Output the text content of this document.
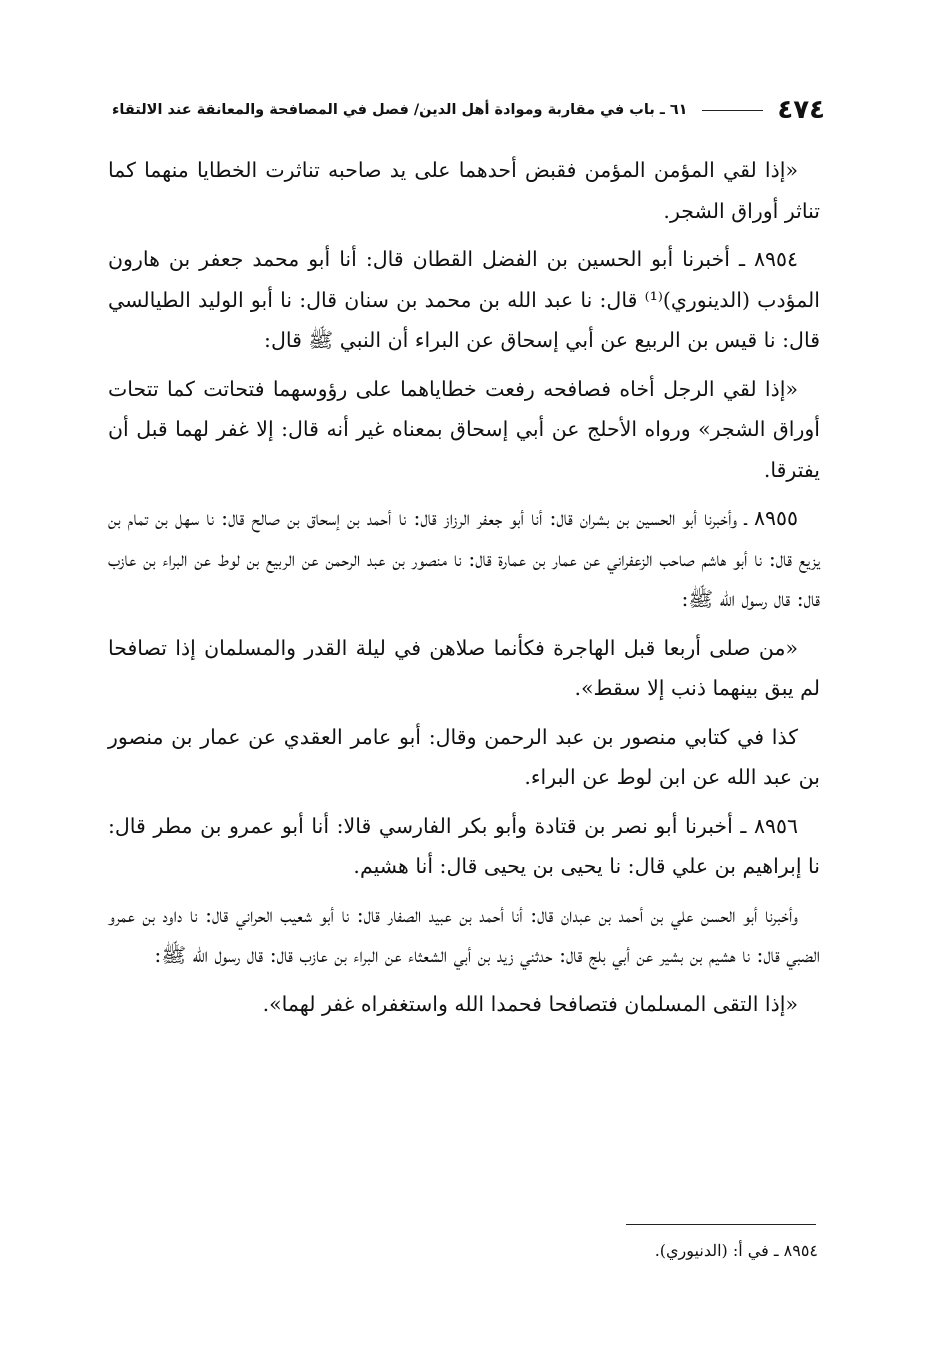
٤٧٤
٦١ ـ باب في مقاربة وموادة أهل الدين/ فصل في المصافحة والمعانقة عند الالتقاء

«إذا لقي المؤمن المؤمن فقبض أحدهما على يد صاحبه تناثرت الخطايا منهما كما تناثر أوراق الشجر.

٨٩٥٤ ـ أخبرنا أبو الحسين بن الفضل القطان قال: أنا أبو محمد جعفر بن هارون المؤدب (الدينوري)⁽¹⁾ قال: نا عبد الله بن محمد بن سنان قال: نا أبو الوليد الطيالسي قال: نا قيس بن الربيع عن أبي إسحاق عن البراء أن النبي ﷺ قال:

«إذا لقي الرجل أخاه فصافحه رفعت خطاياهما على رؤوسهما فتحاتت كما تتحات أوراق الشجر» ورواه الأحلج عن أبي إسحاق بمعناه غير أنه قال: إلا غفر لهما قبل أن يفترقا.

٨٩٥٥ ـ وأخبرنا أبو الحسين بن بشران قال: أنا أبو جعفر الرزاز قال: نا أحمد بن إسحاق بن صالح قال: نا سهل بن تمام بن يزيع قال: نا أبو هاشم صاحب الزعفراني عن عمار بن عمارة قال: نا منصور بن عبد الرحمن عن الربيع بن لوط عن البراء بن عازب قال: قال رسول الله ﷺ:

«من صلى أربعا قبل الهاجرة فكأنما صلاهن في ليلة القدر والمسلمان إذا تصافحا لم يبق بينهما ذنب إلا سقط».

كذا في كتابي منصور بن عبد الرحمن وقال: أبو عامر العقدي عن عمار بن منصور بن عبد الله عن ابن لوط عن البراء.

٨٩٥٦ ـ أخبرنا أبو نصر بن قتادة وأبو بكر الفارسي قالا: أنا أبو عمرو بن مطر قال: نا إبراهيم بن علي قال: نا يحيى بن يحيى قال: أنا هشيم.

وأخبرنا أبو الحسن علي بن أحمد بن عبدان قال: أنا أحمد بن عبيد الصفار قال: نا أبو شعيب الحراني قال: نا داود بن عمرو الضبي قال: نا هشيم بن بشير عن أبي بلج قال: حدثني زيد بن أبي الشعثاء عن البراء بن عازب قال: قال رسول الله ﷺ:

«إذا التقى المسلمان فتصافحا فحمدا الله واستغفراه غفر لهما».

٨٩٥٤ ـ في أ: (الدنيوري).
